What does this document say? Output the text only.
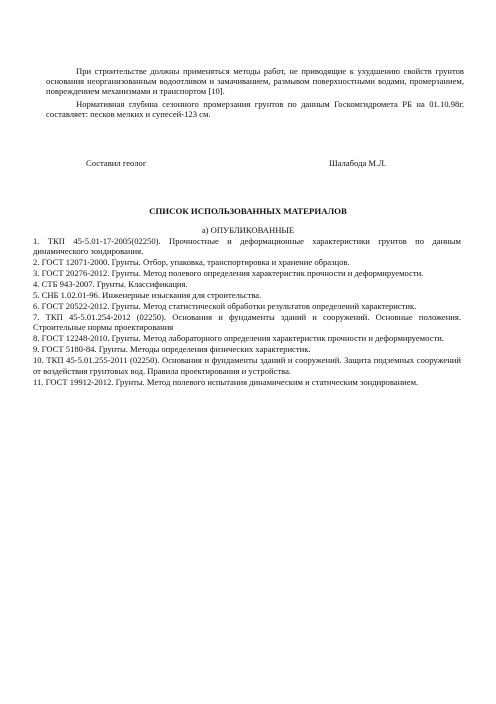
При строительстве должны применяться методы работ, не приводящие к ухудшению свойств грунтов основания неорганизованным водоотливом и замачиванием, размывом поверхностными водами, промерзанием, повреждением механизмами и транспортом [10].

Нормативная глубина сезонного промерзания грунтов по данным Госкомгидромета РБ на 01.10.98г. составляет: песков мелких и супесей-123 см.

Составил геолог	Шалабода М.Л.

СПИСОК ИСПОЛЬЗОВАННЫХ МАТЕРИАЛОВ
а) ОПУБЛИКОВАННЫЕ
1. ТКП 45-5.01-17-2005(02250). Прочностные и деформационные характеристики грунтов по данным динамического зондирования.
2. ГОСТ 12071-2000. Грунты. Отбор, упаковка, транспортировка и хранение образцов.
3. ГОСТ 20276-2012. Грунты. Метод полевого определения характеристик прочности и деформируемости.
4. СТБ 943-2007. Грунты. Классификация.
5. СНБ 1.02.01-96. Инженерные изыскания для строительства.
6. ГОСТ 20522-2012. Грунты. Метод статистической обработки результатов определений характеристик.
7. ТКП 45-5.01.254-2012 (02250). Основания и фундаменты зданий и сооружений. Основные положения. Строительные нормы проектирования
8. ГОСТ 12248-2010. Грунты. Метод лабораторного определения характеристик прочности и деформируемости.
9. ГОСТ 5180-84. Грунты. Методы определения физических характеристик.
10. ТКП 45-5.01.255-2011 (02250). Основания и фундаменты зданий и сооружений. Защита подземных сооружений от воздействия грунтовых вод. Правила проектирования и устройства.
11. ГОСТ 19912-2012. Грунты. Метод полевого испытания динамическим и статическим зондированием.
